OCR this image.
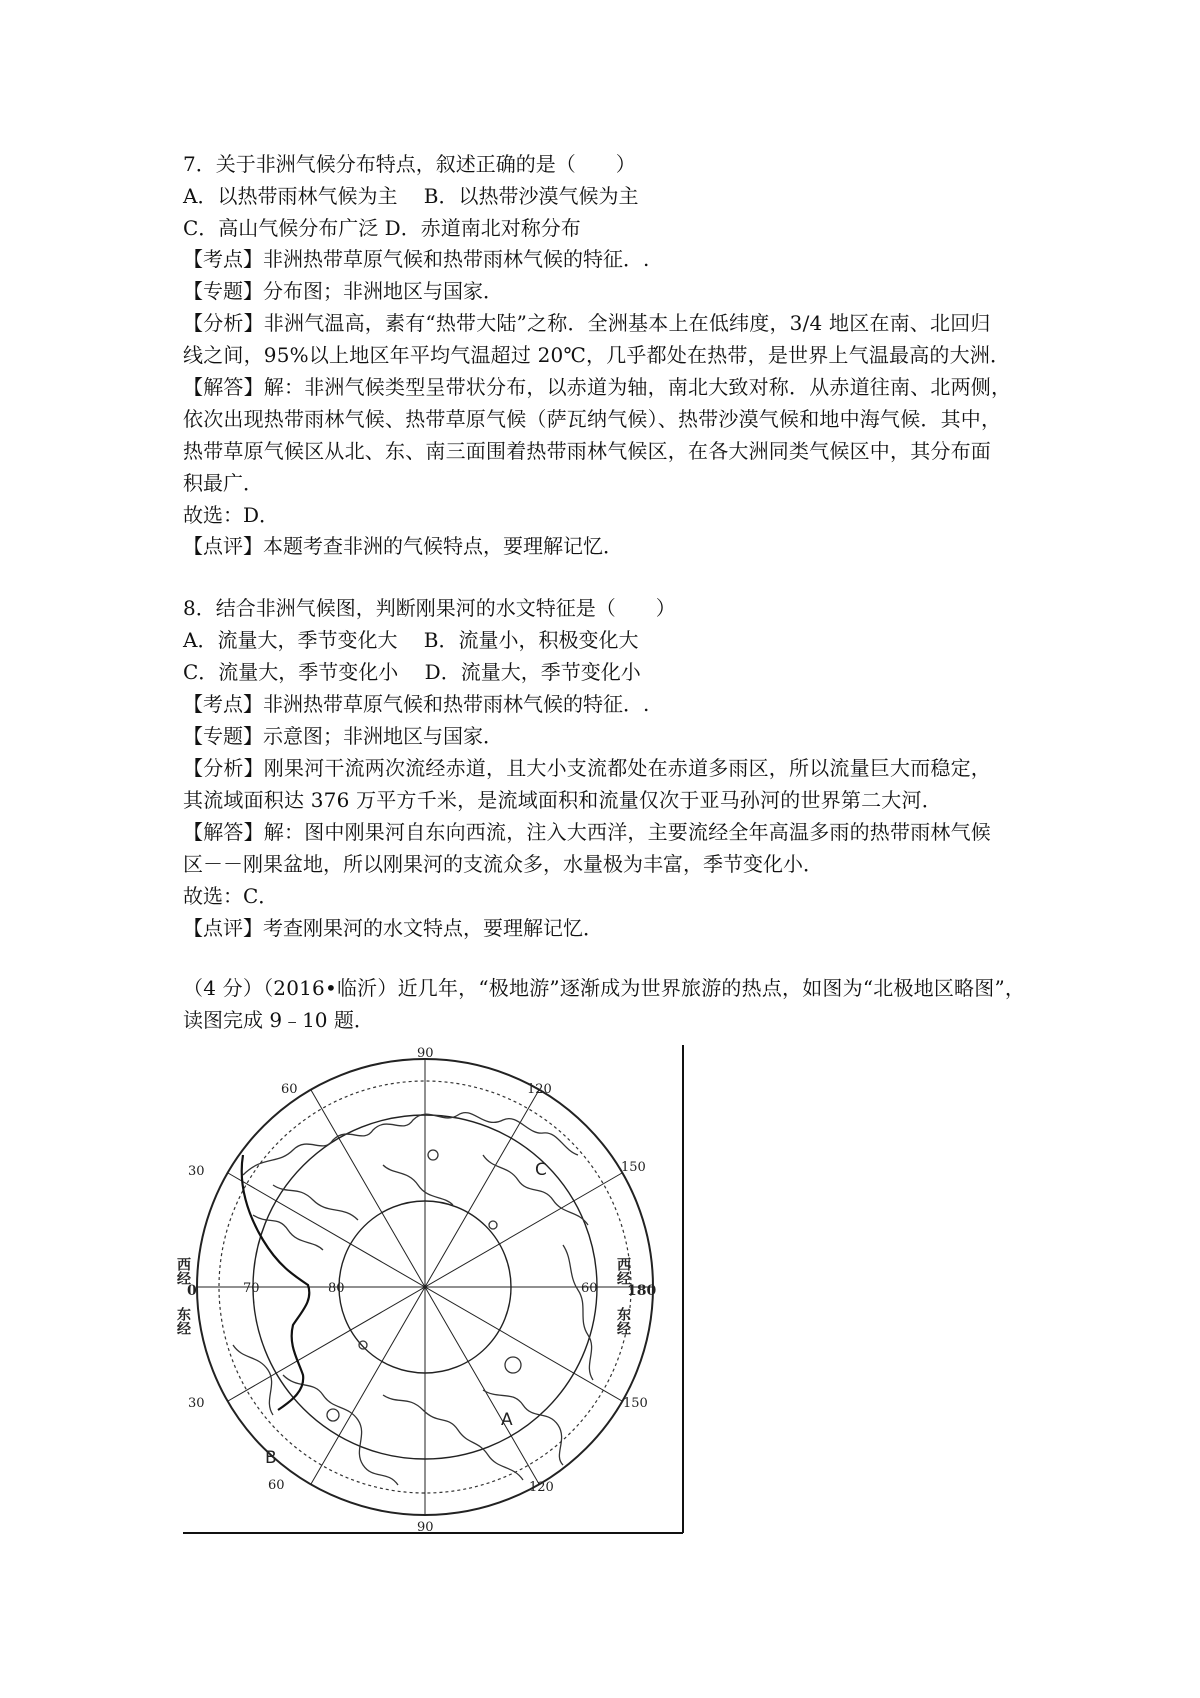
7．关于非洲气候分布特点，叙述正确的是（　　）
A．以热带雨林气候为主　 B．以热带沙漠气候为主
C．高山气候分布广泛 D．赤道南北对称分布
【考点】非洲热带草原气候和热带雨林气候的特征．.
【专题】分布图；非洲地区与国家．
【分析】非洲气温高，素有“热带大陆”之称．全洲基本上在低纬度，3/4 地区在南、北回归
线之间，95%以上地区年平均气温超过 20℃，几乎都处在热带，是世界上气温最高的大洲．
【解答】解：非洲气候类型呈带状分布，以赤道为轴，南北大致对称．从赤道往南、北两侧，
依次出现热带雨林气候、热带草原气候（萨瓦纳气候）、热带沙漠气候和地中海气候．其中，
热带草原气候区从北、东、南三面围着热带雨林气候区，在各大洲同类气候区中，其分布面
积最广．
故选：D．
【点评】本题考查非洲的气候特点，要理解记忆．
8．结合非洲气候图，判断刚果河的水文特征是（　　）
A．流量大，季节变化大　 B．流量小，积极变化大
C．流量大，季节变化小　 D．流量大，季节变化小
【考点】非洲热带草原气候和热带雨林气候的特征．.
【专题】示意图；非洲地区与国家．
【分析】刚果河干流两次流经赤道，且大小支流都处在赤道多雨区，所以流量巨大而稳定，
其流域面积达 376 万平方千米，是流域面积和流量仅次于亚马孙河的世界第二大河．
【解答】解：图中刚果河自东向西流，注入大西洋，主要流经全年高温多雨的热带雨林气候
区－－刚果盆地，所以刚果河的支流众多，水量极为丰富，季节变化小．
故选：C．
【点评】考查刚果河的水文特点，要理解记忆．
（4 分）（2016•临沂）近几年，“极地游”逐渐成为世界旅游的热点，如图为“北极地区略图”，
读图完成 9﹣10 题．
90
90
60	120
30	150
30	150
60	120
70	80	60
西经
0
东经
西经
180
东经
A
B
C
